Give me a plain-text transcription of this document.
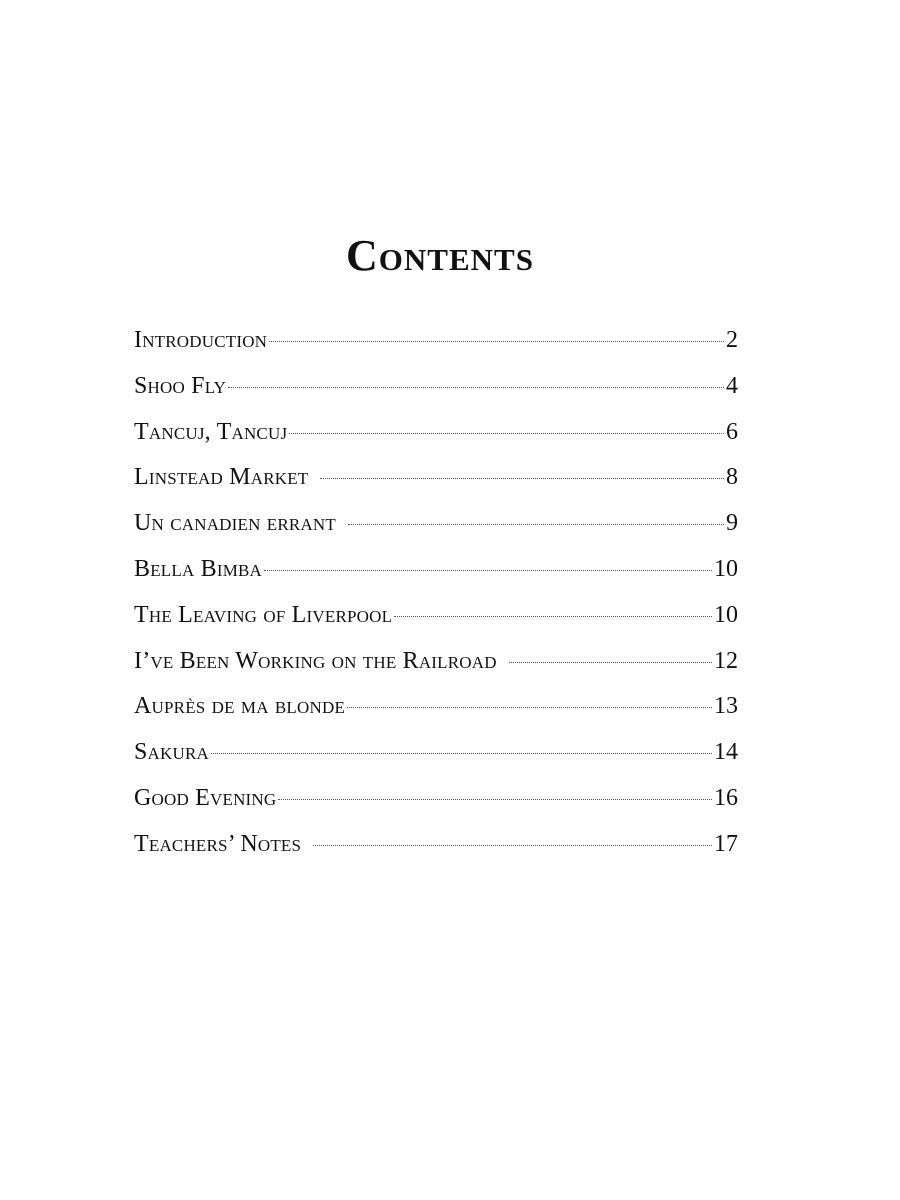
Contents
Introduction	2
Shoo Fly	4
Tancuj, Tancuj	6
Linstead Market	8
Un canadien errant	9
Bella Bimba	10
The Leaving of Liverpool	10
I’ve Been Working on the Railroad	12
Auprès de ma blonde	13
Sakura	14
Good Evening	16
Teachers’ Notes	17
